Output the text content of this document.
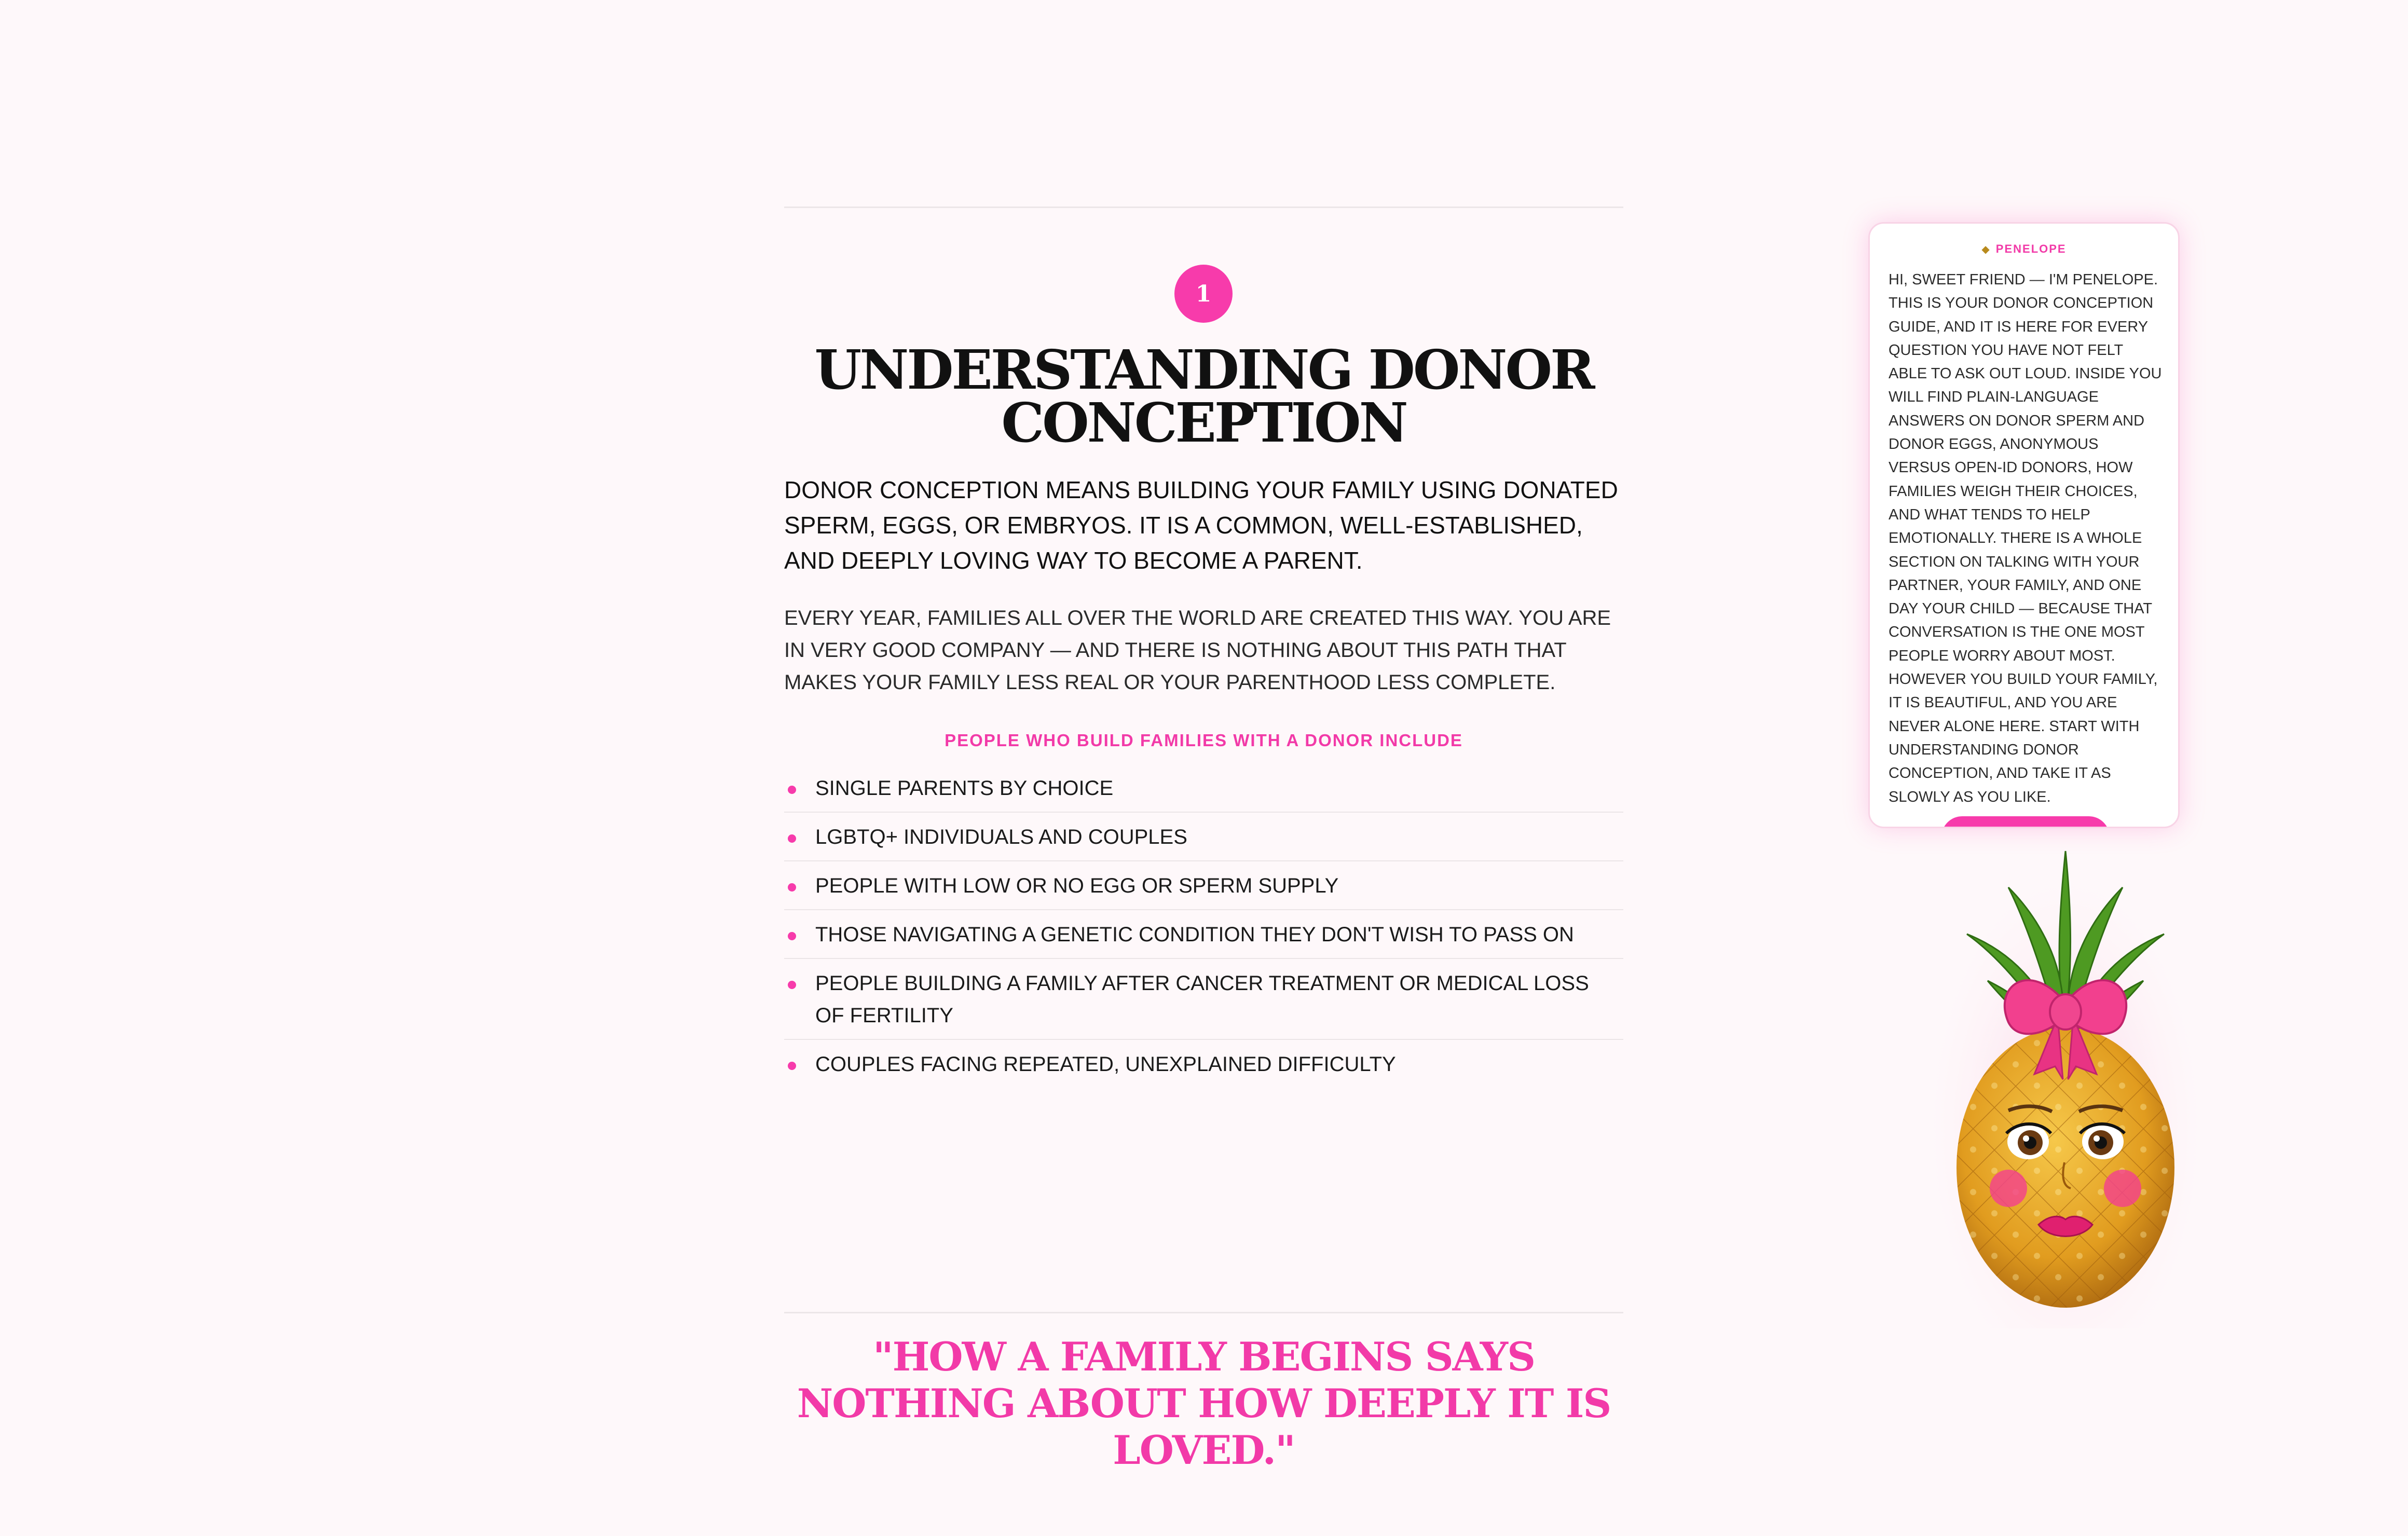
1
UNDERSTANDING DONOR CONCEPTION

DONOR CONCEPTION MEANS BUILDING YOUR FAMILY USING DONATED SPERM, EGGS, OR EMBRYOS. IT IS A COMMON, WELL-ESTABLISHED, AND DEEPLY LOVING WAY TO BECOME A PARENT.

EVERY YEAR, FAMILIES ALL OVER THE WORLD ARE CREATED THIS WAY. YOU ARE IN VERY GOOD COMPANY — AND THERE IS NOTHING ABOUT THIS PATH THAT MAKES YOUR FAMILY LESS REAL OR YOUR PARENTHOOD LESS COMPLETE.

PEOPLE WHO BUILD FAMILIES WITH A DONOR INCLUDE
SINGLE PARENTS BY CHOICE
LGBTQ+ INDIVIDUALS AND COUPLES
PEOPLE WITH LOW OR NO EGG OR SPERM SUPPLY
THOSE NAVIGATING A GENETIC CONDITION THEY DON'T WISH TO PASS ON
PEOPLE BUILDING A FAMILY AFTER CANCER TREATMENT OR MEDICAL LOSS OF FERTILITY
COUPLES FACING REPEATED, UNEXPLAINED DIFFICULTY

"HOW A FAMILY BEGINS SAYS NOTHING ABOUT HOW DEEPLY IT IS LOVED."

◆ PENELOPE

HI, SWEET FRIEND — I'M PENELOPE. THIS IS YOUR DONOR CONCEPTION GUIDE, AND IT IS HERE FOR EVERY QUESTION YOU HAVE NOT FELT ABLE TO ASK OUT LOUD. INSIDE YOU WILL FIND PLAIN-LANGUAGE ANSWERS ON DONOR SPERM AND DONOR EGGS, ANONYMOUS VERSUS OPEN-ID DONORS, HOW FAMILIES WEIGH THEIR CHOICES, AND WHAT TENDS TO HELP EMOTIONALLY. THERE IS A WHOLE SECTION ON TALKING WITH YOUR PARTNER, YOUR FAMILY, AND ONE DAY YOUR CHILD — BECAUSE THAT CONVERSATION IS THE ONE MOST PEOPLE WORRY ABOUT MOST. HOWEVER YOU BUILD YOUR FAMILY, IT IS BEAUTIFUL, AND YOU ARE NEVER ALONE HERE. START WITH UNDERSTANDING DONOR CONCEPTION, AND TAKE IT AS SLOWLY AS YOU LIKE.
